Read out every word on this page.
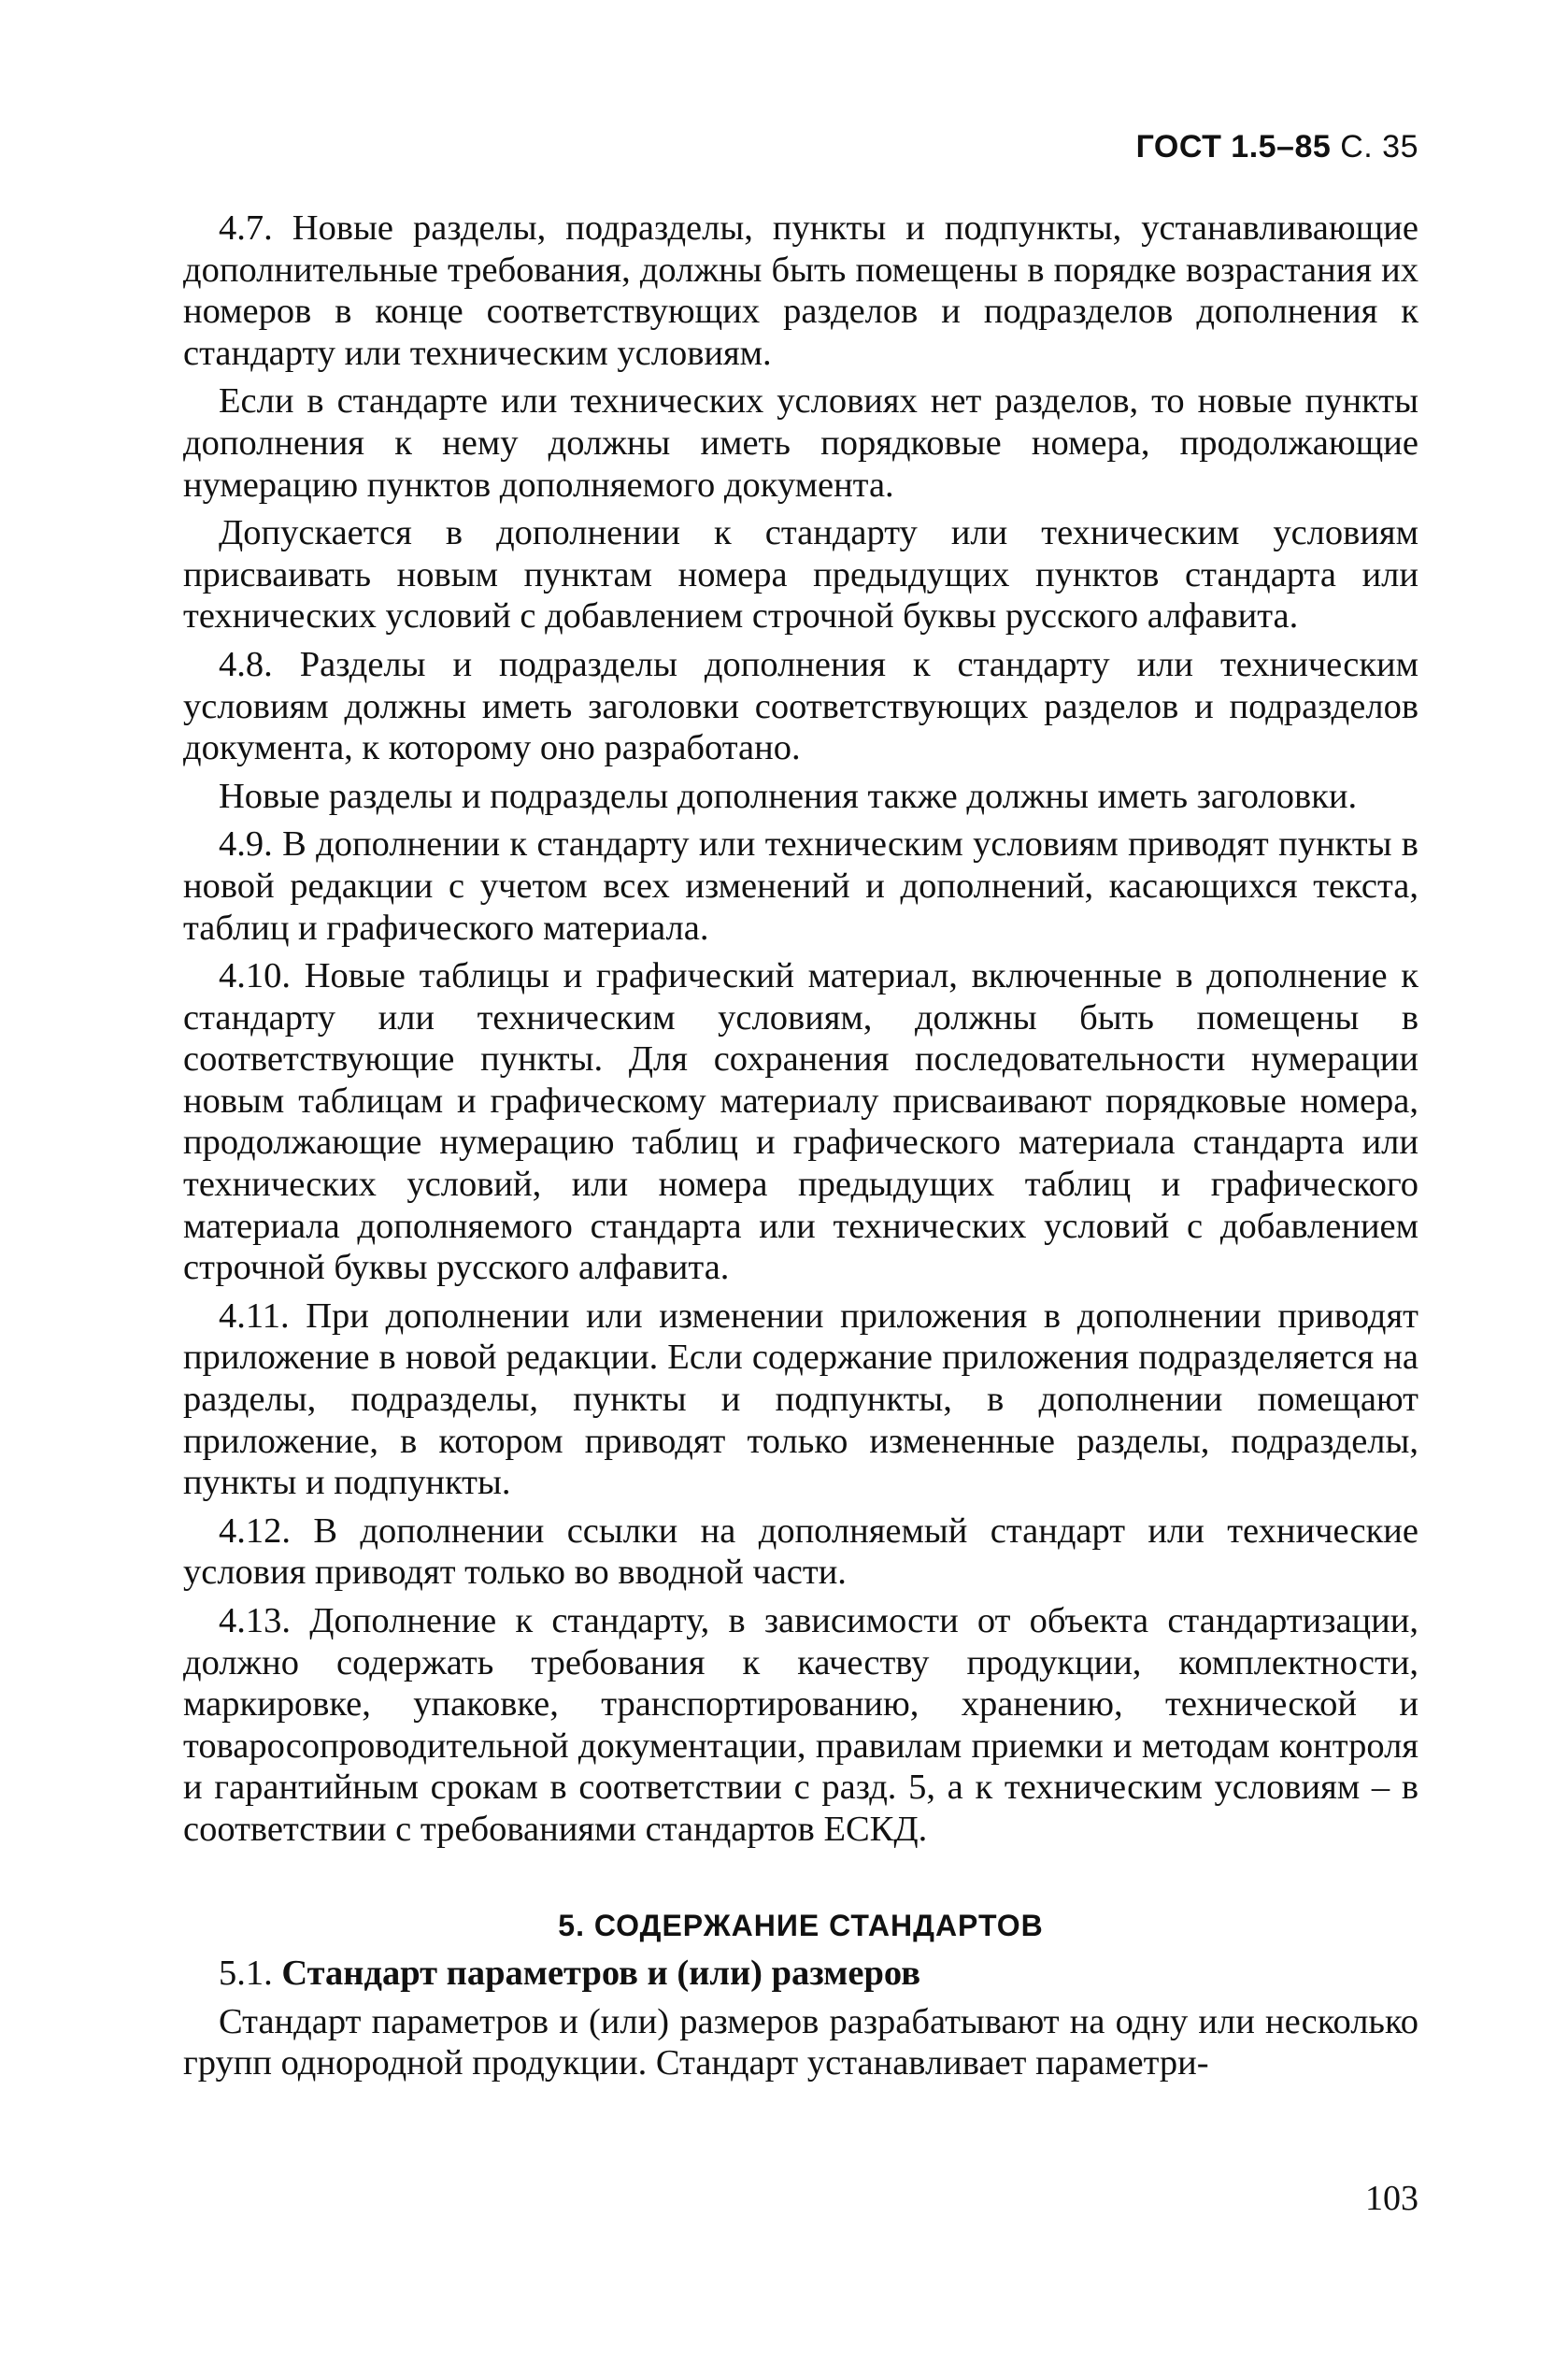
ГОСТ 1.5–85 С. 35

4.7. Новые разделы, подразделы, пункты и подпункты, устанавливающие дополнительные требования, должны быть помещены в порядке возрастания их номеров в конце соответствующих разделов и подразделов дополнения к стандарту или техническим условиям.

Если в стандарте или технических условиях нет разделов, то новые пункты дополнения к нему должны иметь порядковые номера, продолжающие нумерацию пунктов дополняемого документа.

Допускается в дополнении к стандарту или техническим условиям присваивать новым пунктам номера предыдущих пунктов стандарта или технических условий с добавлением строчной буквы русского алфавита.

4.8. Разделы и подразделы дополнения к стандарту или техническим условиям должны иметь заголовки соответствующих разделов и подразделов документа, к которому оно разработано.

Новые разделы и подразделы дополнения также должны иметь заголовки.

4.9. В дополнении к стандарту или техническим условиям приводят пункты в новой редакции с учетом всех изменений и дополнений, касающихся текста, таблиц и графического материала.

4.10. Новые таблицы и графический материал, включенные в дополнение к стандарту или техническим условиям, должны быть помещены в соответствующие пункты. Для сохранения последовательности нумерации новым таблицам и графическому материалу присваивают порядковые номера, продолжающие нумерацию таблиц и графического материала стандарта или технических условий, или номера предыдущих таблиц и графического материала дополняемого стандарта или технических условий с добавлением строчной буквы русского алфавита.

4.11. При дополнении или изменении приложения в дополнении приводят приложение в новой редакции. Если содержание приложения подразделяется на разделы, подразделы, пункты и подпункты, в дополнении помещают приложение, в котором приводят только измененные разделы, подразделы, пункты и подпункты.

4.12. В дополнении ссылки на дополняемый стандарт или технические условия приводят только во вводной части.

4.13. Дополнение к стандарту, в зависимости от объекта стандартизации, должно содержать требования к качеству продукции, комплектности, маркировке, упаковке, транспортированию, хранению, технической и товаросопроводительной документации, правилам приемки и методам контроля и гарантийным срокам в соответствии с разд. 5, а к техническим условиям – в соответствии с требованиями стандартов ЕСКД.

5. СОДЕРЖАНИЕ СТАНДАРТОВ

5.1. Стандарт параметров и (или) размеров

Стандарт параметров и (или) размеров разрабатывают на одну или несколько групп однородной продукции. Стандарт устанавливает параметри-

103
